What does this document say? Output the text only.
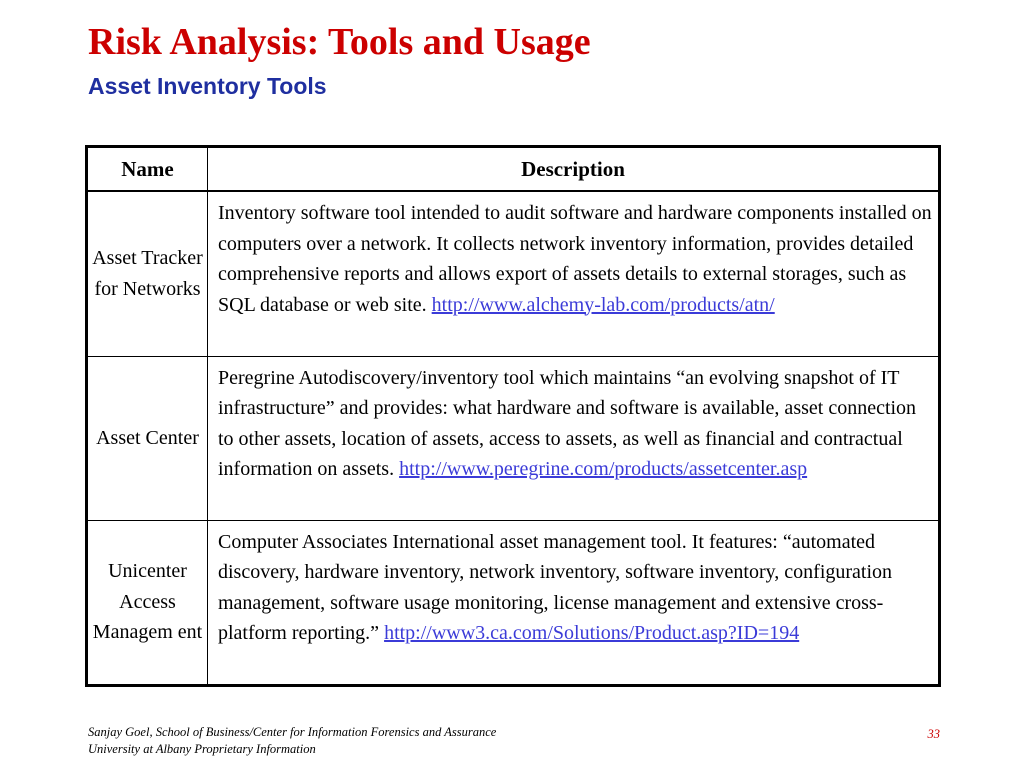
Risk Analysis: Tools and Usage
Asset Inventory Tools
Name	Description
Asset Tracker for Networks	Inventory software tool intended to audit software and hardware components installed on computers over a network. It collects network inventory information, provides detailed comprehensive reports and allows export of assets details to external storages, such as SQL database or web site. http://www.alchemy-lab.com/products/atn/
Asset Center	Peregrine Autodiscovery/inventory tool which maintains “an evolving snapshot of IT infrastructure” and provides: what hardware and software is available, asset connection to other assets, location of assets, access to assets, as well as financial and contractual information on assets. http://www.peregrine.com/products/assetcenter.asp
Unicenter Access Managem ent	Computer Associates International asset management tool. It features: “automated discovery, hardware inventory, network inventory, software inventory, configuration management, software usage monitoring, license management and extensive cross-platform reporting.” http://www3.ca.com/Solutions/Product.asp?ID=194
Sanjay Goel, School of Business/Center for Information Forensics and Assurance
University at Albany Proprietary Information
33
